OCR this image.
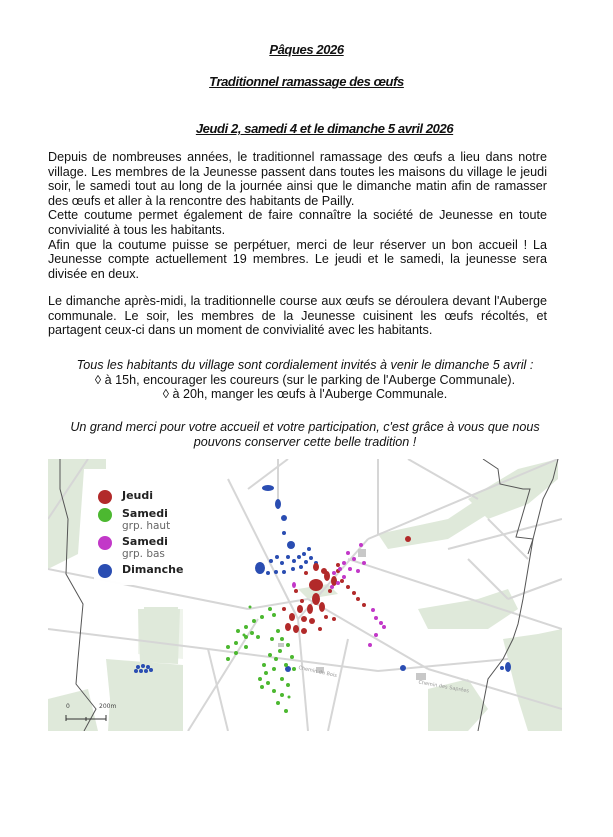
Pâques 2026
Traditionnel ramassage des œufs
Jeudi 2, samedi 4 et le dimanche 5 avril 2026

Depuis de nombreuses années, le traditionnel ramassage des œufs a lieu dans notre village. Les membres de la Jeunesse passent dans toutes les maisons du village le jeudi soir, le samedi tout au long de la journée ainsi que le dimanche matin afin de ramasser des œufs et aller à la rencontre des habitants de Pailly.

Cette coutume permet également de faire connaître la société de Jeunesse en toute convivialité à tous les habitants.

Afin que la coutume puisse se perpétuer, merci de leur réserver un bon accueil ! La Jeunesse compte actuellement 19 membres. Le jeudi et le samedi, la jeunesse sera divisée en deux.

Le dimanche après-midi, la traditionnelle course aux œufs se déroulera devant l'Auberge communale. Le soir, les membres de la Jeunesse cuisinent les œufs récoltés, et partagent ceux-ci dans un moment de convivialité avec les habitants.

Tous les habitants du village sont cordialement invités à venir le dimanche 5 avril :

◊ à 15h, encourager les coureurs (sur le parking de l'Auberge Communale).

◊ à 20h, manger les œufs à l'Auberge Communale.

Un grand merci pour votre accueil et votre participation, c'est grâce à vous que nous

pouvons conserver cette belle tradition !

Chemin des Saprées
Chemin du Bois
Jeudi
Samedi
grp. haut
Samedi
grp. bas
Dimanche
0	200m
